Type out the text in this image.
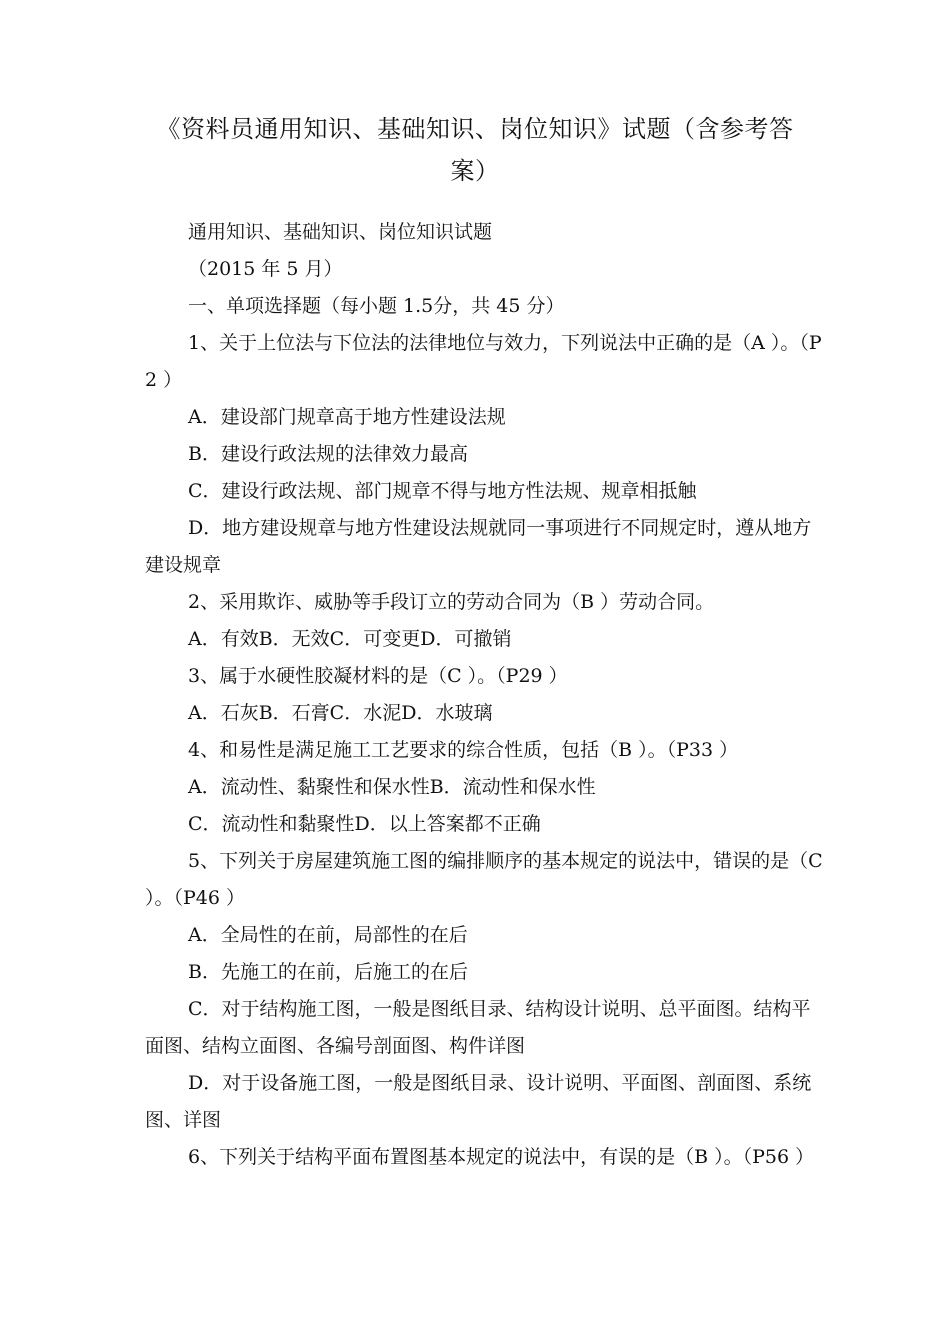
《资料员通用知识、基础知识、岗位知识》试题（含参考答案）

通用知识、基础知识、岗位知识试题

（2015 年 5 月）

一、单项选择题（每小题 1.5分，共 45 分）

1、关于上位法与下位法的法律地位与效力，下列说法中正确的是（A ）。（P2 ）

A．建设部门规章高于地方性建设法规

B．建设行政法规的法律效力最高

C．建设行政法规、部门规章不得与地方性法规、规章相抵触

D．地方建设规章与地方性建设法规就同一事项进行不同规定时，遵从地方建设规章

2、采用欺诈、威胁等手段订立的劳动合同为（B ）劳动合同。

A．有效B．无效C．可变更D．可撤销

3、属于水硬性胶凝材料的是（C ）。（P29 ）

A．石灰B．石膏C．水泥D．水玻璃

4、和易性是满足施工工艺要求的综合性质，包括（B ）。（P33 ）

A．流动性、黏聚性和保水性B．流动性和保水性

C．流动性和黏聚性D．以上答案都不正确

5、下列关于房屋建筑施工图的编排顺序的基本规定的说法中，错误的是（C ）。（P46 ）

A．全局性的在前，局部性的在后

B．先施工的在前，后施工的在后

C．对于结构施工图，一般是图纸目录、结构设计说明、总平面图。结构平面图、结构立面图、各编号剖面图、构件详图

D．对于设备施工图，一般是图纸目录、设计说明、平面图、剖面图、系统图、详图

6、下列关于结构平面布置图基本规定的说法中，有误的是（B ）。（P56 ）
